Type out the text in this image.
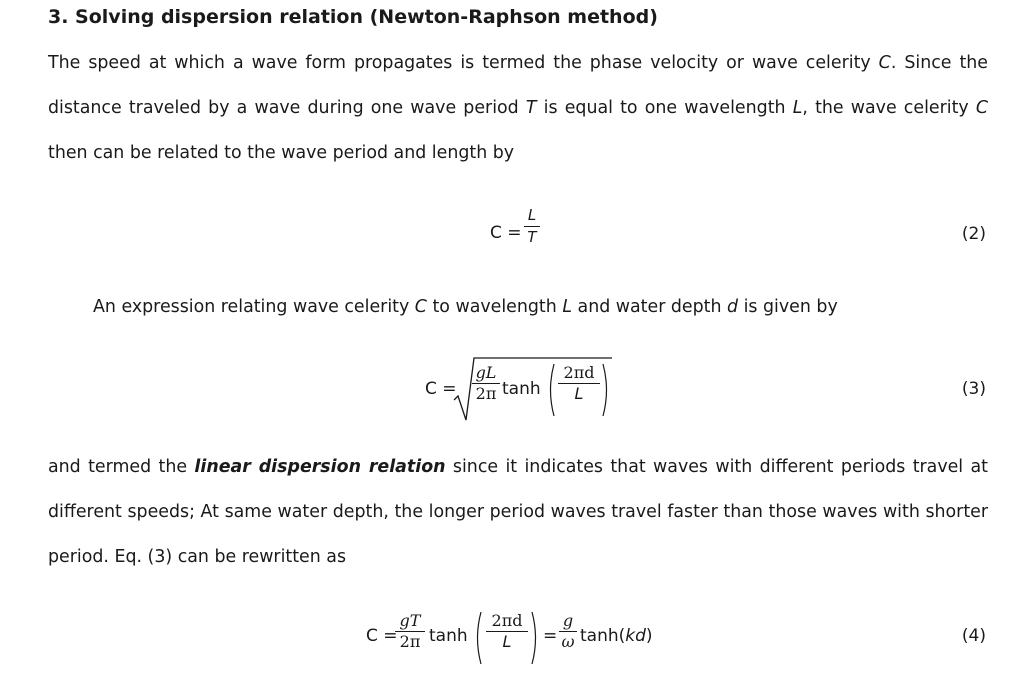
3. Solving dispersion relation (Newton-Raphson method)
The speed at which a wave form propagates is termed the phase velocity or wave celerity C. Since the distance traveled by a wave during one wave period T is equal to one wavelength L, the wave celerity C then can be related to the wave period and length by
$C = \frac{L}{T}$	(2)
An expression relating wave celerity C to wavelength L and water depth d is given by
$C = \frac{gL}{2\pi}$ $\tanh \frac{2\pi d}{L}$	(3)
and termed the linear dispersion relation since it indicates that waves with different periods travel at different speeds; At same water depth, the longer period waves travel faster than those waves with shorter period. Eq. (3) can be rewritten as
C =
$\frac{gT}{2\pi}$ $\tanh \frac{2\pi d}{L} = \frac{g}{\omega} \tanh(kd)$	(4)
